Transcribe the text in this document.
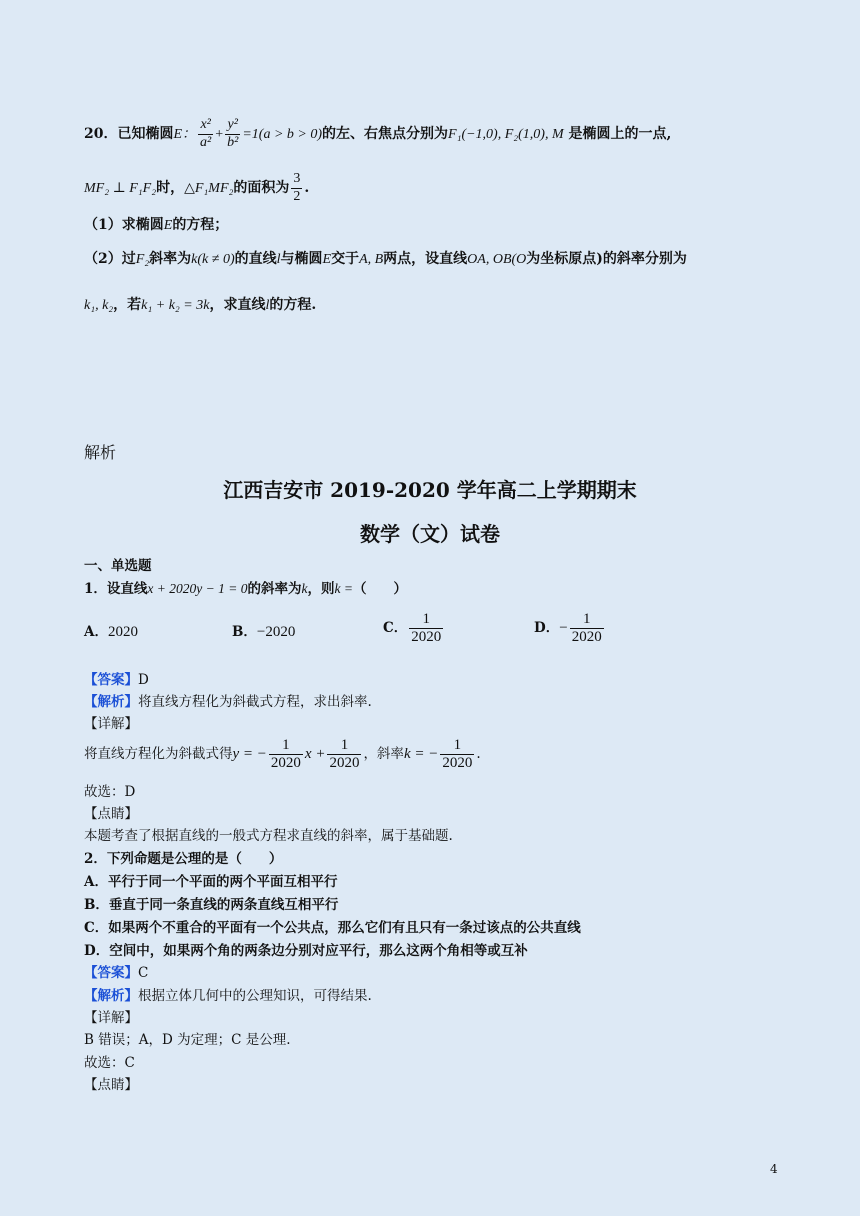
20．已知椭圆E： $\frac{\text{x²}}{\text{a²}} + \frac{\text{y²}}{\text{b²}} =1(a > b > 0)$的左、右焦点分别为F₁(−1,0), F₂(1,0), M 是椭圆上的一点,
MF₂ ⊥ F₁F₂时，△F₁MF₂的面积为 $\frac{3}{2}$ .
（1）求椭圆E的方程；
（2）过F₂斜率为k(k ≠ 0)的直线l与椭圆E交于A, B两点，设直线OA, OB(O为坐标原点)的斜率分别为
k₁, k₂，若k₁ + k₂ = 3k，求直线l的方程.
解析
江西吉安市 2019-2020 学年高二上学期期末
数学（文）试卷
一、单选题
1．设直线x + 2020y − 1 = 0的斜率为k，则k =（　　）
A．2020	B．−2020	C． $\frac{1}{2020}$	D．− $\frac{1}{2020}$
【答案】D
【解析】将直线方程化为斜截式方程，求出斜率.
【详解】
将直线方程化为斜截式得y = − $\frac{1}{2020}$ $x + \frac{1}{2020}$ ，斜率k = − $\frac{1}{2020}$ .
故选：D
【点睛】
本题考查了根据直线的一般式方程求直线的斜率，属于基础题.
2．下列命题是公理的是（　　）
A．平行于同一个平面的两个平面互相平行
B．垂直于同一条直线的两条直线互相平行
C．如果两个不重合的平面有一个公共点，那么它们有且只有一条过该点的公共直线
D．空间中，如果两个角的两条边分别对应平行，那么这两个角相等或互补
【答案】C
【解析】根据立体几何中的公理知识，可得结果.
【详解】
B 错误；A，D 为定理；C 是公理.
故选：C
【点睛】
4
